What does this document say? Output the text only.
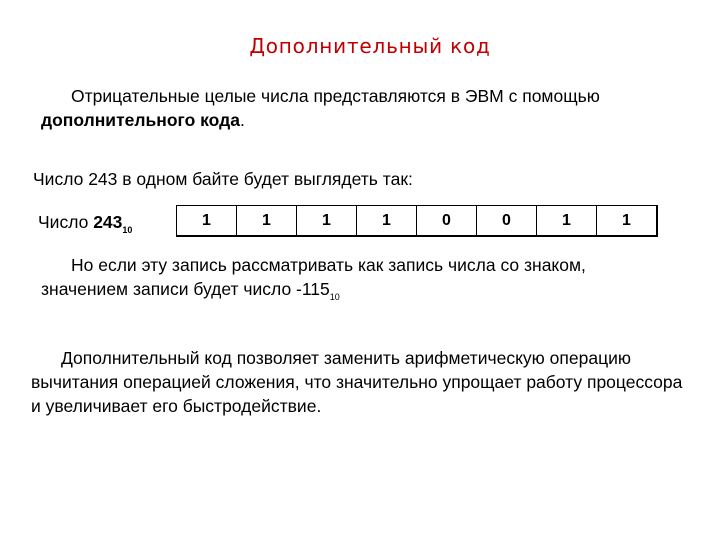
Дополнительный код

Отрицательные целые числа представляются в ЭВМ с помощью дополнительного кода.

Число 243 в одном байте будет выглядеть так:

Число $243_{10}$
1	1	1	1	0	0	1	1

Но если эту запись рассматривать как запись числа со знаком, значением записи будет число $-115_{10}$

Дополнительный код позволяет заменить арифметическую операцию вычитания операцией сложения, что значительно упрощает работу процессора и увеличивает его быстродействие.
